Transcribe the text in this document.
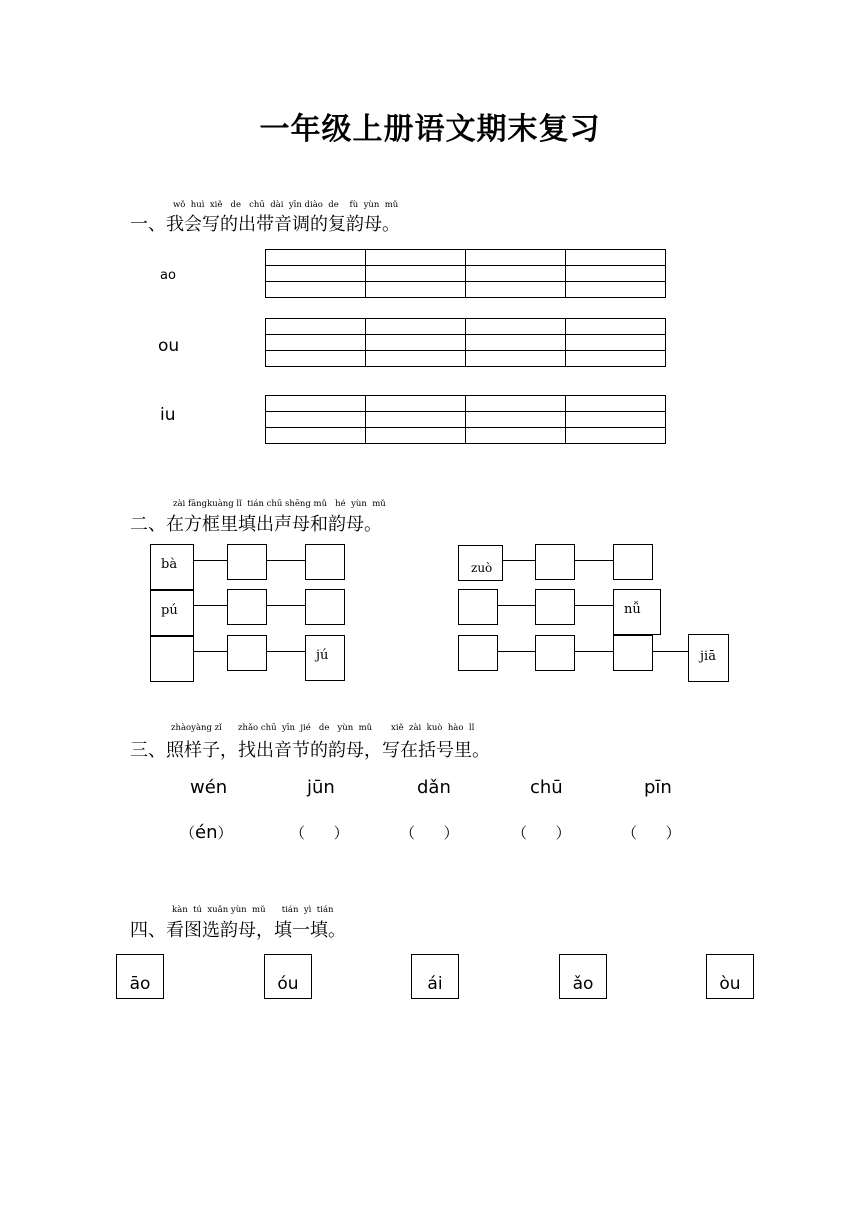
一年级上册语文期末复习
wǒ  huì  xiě   de   chū  dài  yīn diào  de    fù  yùn  mǔ
一、我会写的出带音调的复韵母。
ao

ou

iu

zài fāngkuàng lǐ  tián chū shēng mǔ   hé  yùn  mǔ
二、在方框里填出声母和韵母。
bà
pú
jú
zuò
nǚ
jiā
zhàoyàng zǐ      zhǎo chū  yīn  jié   de   yùn  mǔ       xiě  zài  kuò  hào  lǐ
三、照样子，找出音节的韵母，写在括号里。
wén	jūn	dǎn	chū	pīn
（én）	（      ）	（      ）	（      ）	（      ）
kàn  tú  xuǎn yùn  mǔ      tián  yì  tián
四、看图选韵母，填一填。
āo	óu	ái	ǎo	òu
